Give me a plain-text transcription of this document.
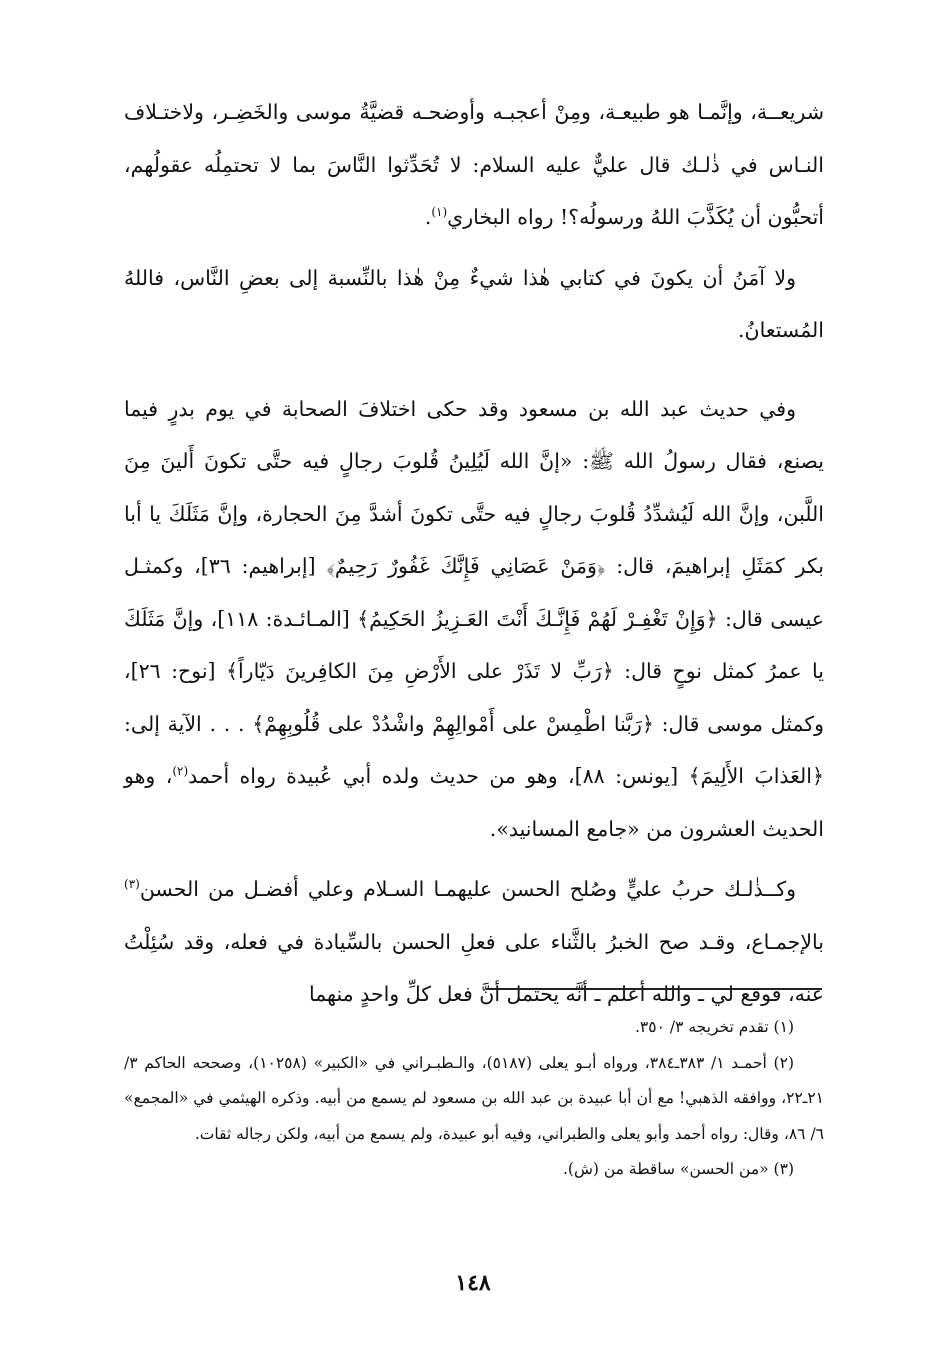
شريعــة، وإنَّمـا هو طبيعـة، ومِنْ أعجبـه وأوضحـه قضيَّةُ موسى والخَضِـر، ولاختـلاف النـاس في ذٰلـك قال عليٌّ عليه السلام: لا تُحَدِّثوا النَّاسَ بما لا تحتمِلُه عقولُهم، أتحبُّون أن يُكَذَّبَ اللهُ ورسولُه؟! رواه البخاري$^{(١)}$.

ولا آمَنُ أن يكونَ في كتابي هٰذا شيءٌ مِنْ هٰذا بالنِّسبة إلى بعضِ النَّاس، فاللهُ المُستعانُ.

وفي حديث عبد الله بن مسعود وقد حكى اختلافَ الصحابة في يوم بدرٍ فيما يصنع، فقال رسولُ الله ﷺ: «إنَّ الله لَيُلِينُ قُلوبَ رجالٍ فيه حتَّى تكونَ أَلينَ مِنَ اللَّبن، وإنَّ الله لَيُشدِّدُ قُلوبَ رجالٍ فيه حتَّى تكونَ أشدَّ مِنَ الحجارة، وإنَّ مَثَلَكَ يا أبا بكر كمَثَلِ إبراهيمَ، قال: ﴿وَمَنْ عَصَانِي فَإِنَّكَ غَفُورٌ رَحِيمٌ﴾ [إبراهيم: ٣٦]، وكمثـل عيسى قال: ﴿وَإِنْ تَغْفِـرْ لَهُمْ فَإِنَّـكَ أَنْتَ العَـزِيزُ الحَكِيمُ﴾ [المـائـدة: ١١٨]، وإنَّ مَثَلَكَ يا عمرُ كمثل نوحٍ قال: ﴿رَبِّ لا تَذَرْ على الأَرْضِ مِنَ الكافِرينَ دَيّاراً﴾ [نوح: ٢٦]، وكمثل موسى قال: ﴿رَبَّنا اطْمِسْ على أَمْوالِهِمْ واشْدُدْ على قُلُوبِهِمْ﴾ . . . الآية إلى: ﴿العَذابَ الأَلِيمَ﴾ [يونس: ٨٨]، وهو من حديث ولده أبي عُبيدة رواه أحمد$^{(٢)}$، وهو الحديث العشرون من «جامع المسانيد».

وكــذٰلـك حربُ عليٍّ وصُلح الحسن عليهمـا السـلام وعلي أفضـل من الحسن$^{(٣)}$ بالإجمـاع، وقـد صح الخبرُ بالثَّناء على فعلِ الحسن بالسِّيادة في فعله، وقد سُئِلْتُ عنه، فوقع لي ـ والله أعلم ـ أنَّه يحتمل أنَّ فعل كلِّ واحدٍ منهما

(١) تقدم تخريجه ٣/ ٣٥٠.

(٢) أحمـد ١/ ٣٨٣ـ٣٨٤، ورواه أبـو يعلى (٥١٨٧)، والـطبـراني في «الكبير» (١٠٢٥٨)، وصححه الحاكم ٣/ ٢١ـ٢٢، ووافقه الذهبي! مع أن أبا عبيدة بن عبد الله بن مسعود لم يسمع من أبيه. وذكره الهيثمي في «المجمع» ٦/ ٨٦، وقال: رواه أحمد وأبو يعلى والطبراني، وفيه أبو عبيدة، ولم يسمع من أبيه، ولكن رجاله ثقات.

(٣) «من الحسن» ساقطة من (ش).

١٤٨
